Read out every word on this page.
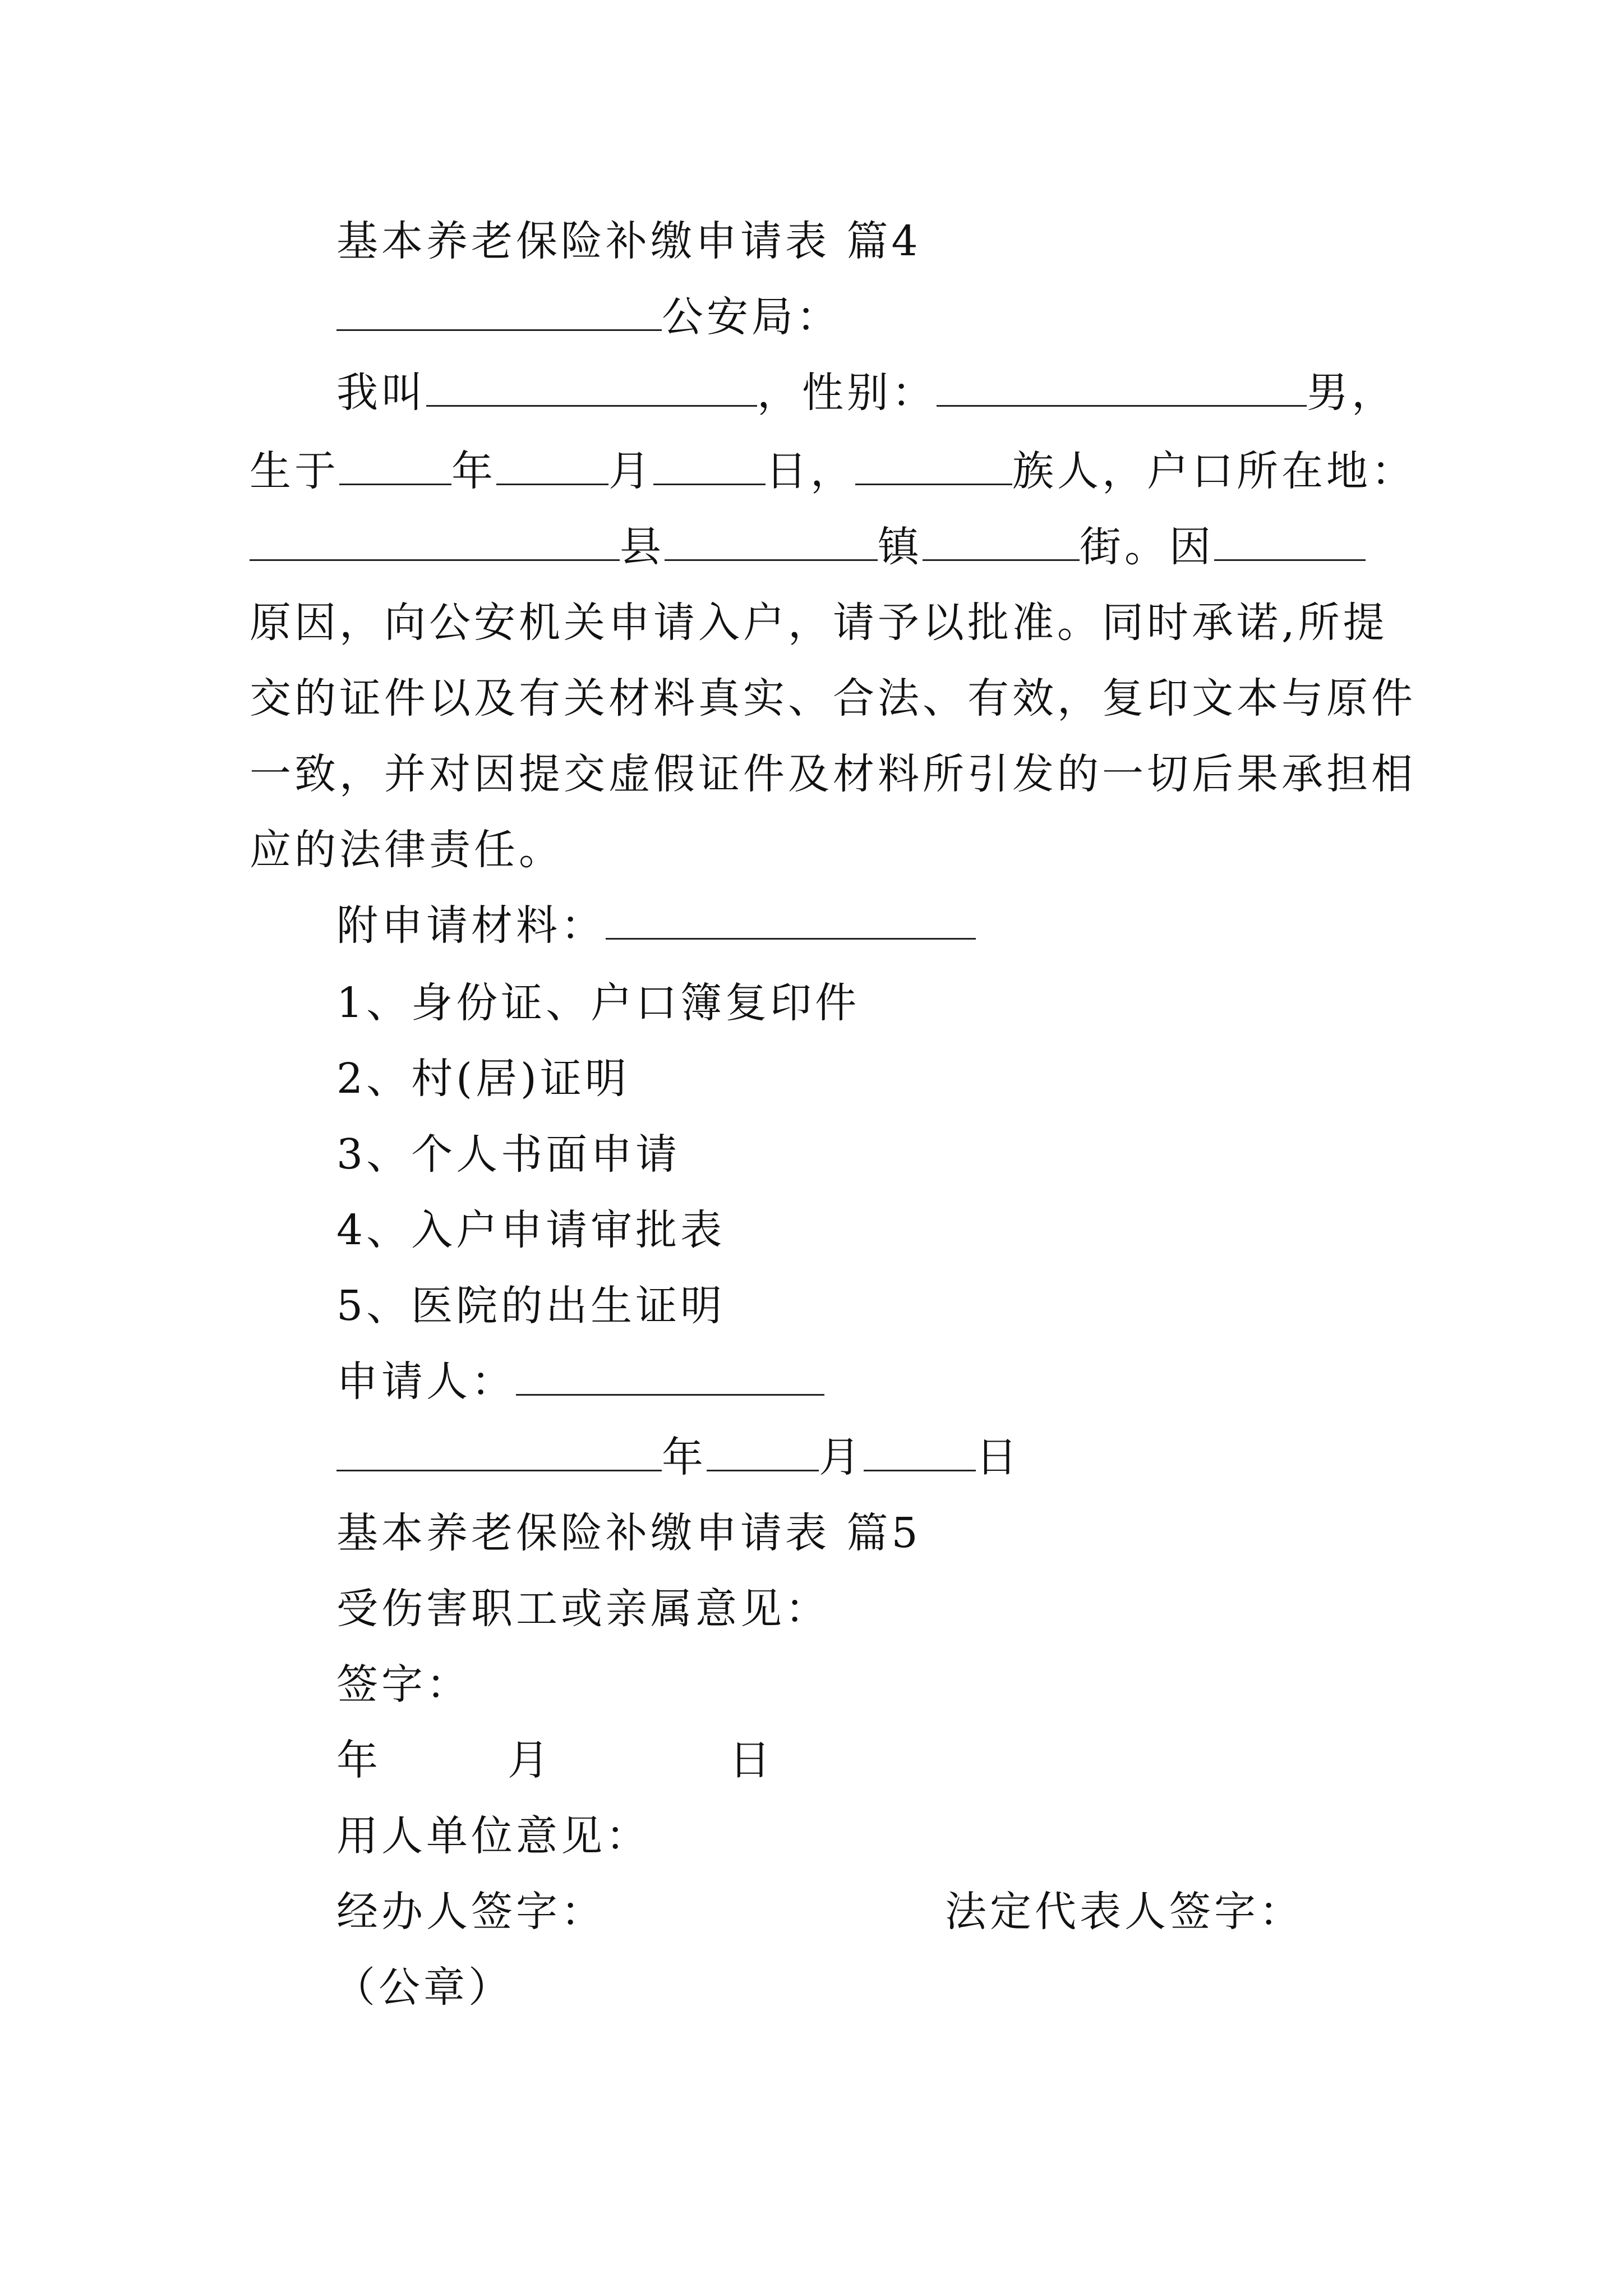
基本养老保险补缴申请表 篇4
公安局：
我叫	，性别：	男，
生于	年	月	日，	族人，户口所在地：
县	镇	街。因
原因，向公安机关申请入户，请予以批准。同时承诺,所提
交的证件以及有关材料真实、合法、有效，复印文本与原件
一致，并对因提交虚假证件及材料所引发的一切后果承担相
应的法律责任。
附申请材料：
1、身份证、户口簿复印件
2、村(居)证明
3、个人书面申请
4、入户申请审批表
5、医院的出生证明
申请人：
年	月	日
基本养老保险补缴申请表 篇5
受伤害职工或亲属意见：
签字：
年	月	日
用人单位意见：
经办人签字：	法定代表人签字：
（公章）
